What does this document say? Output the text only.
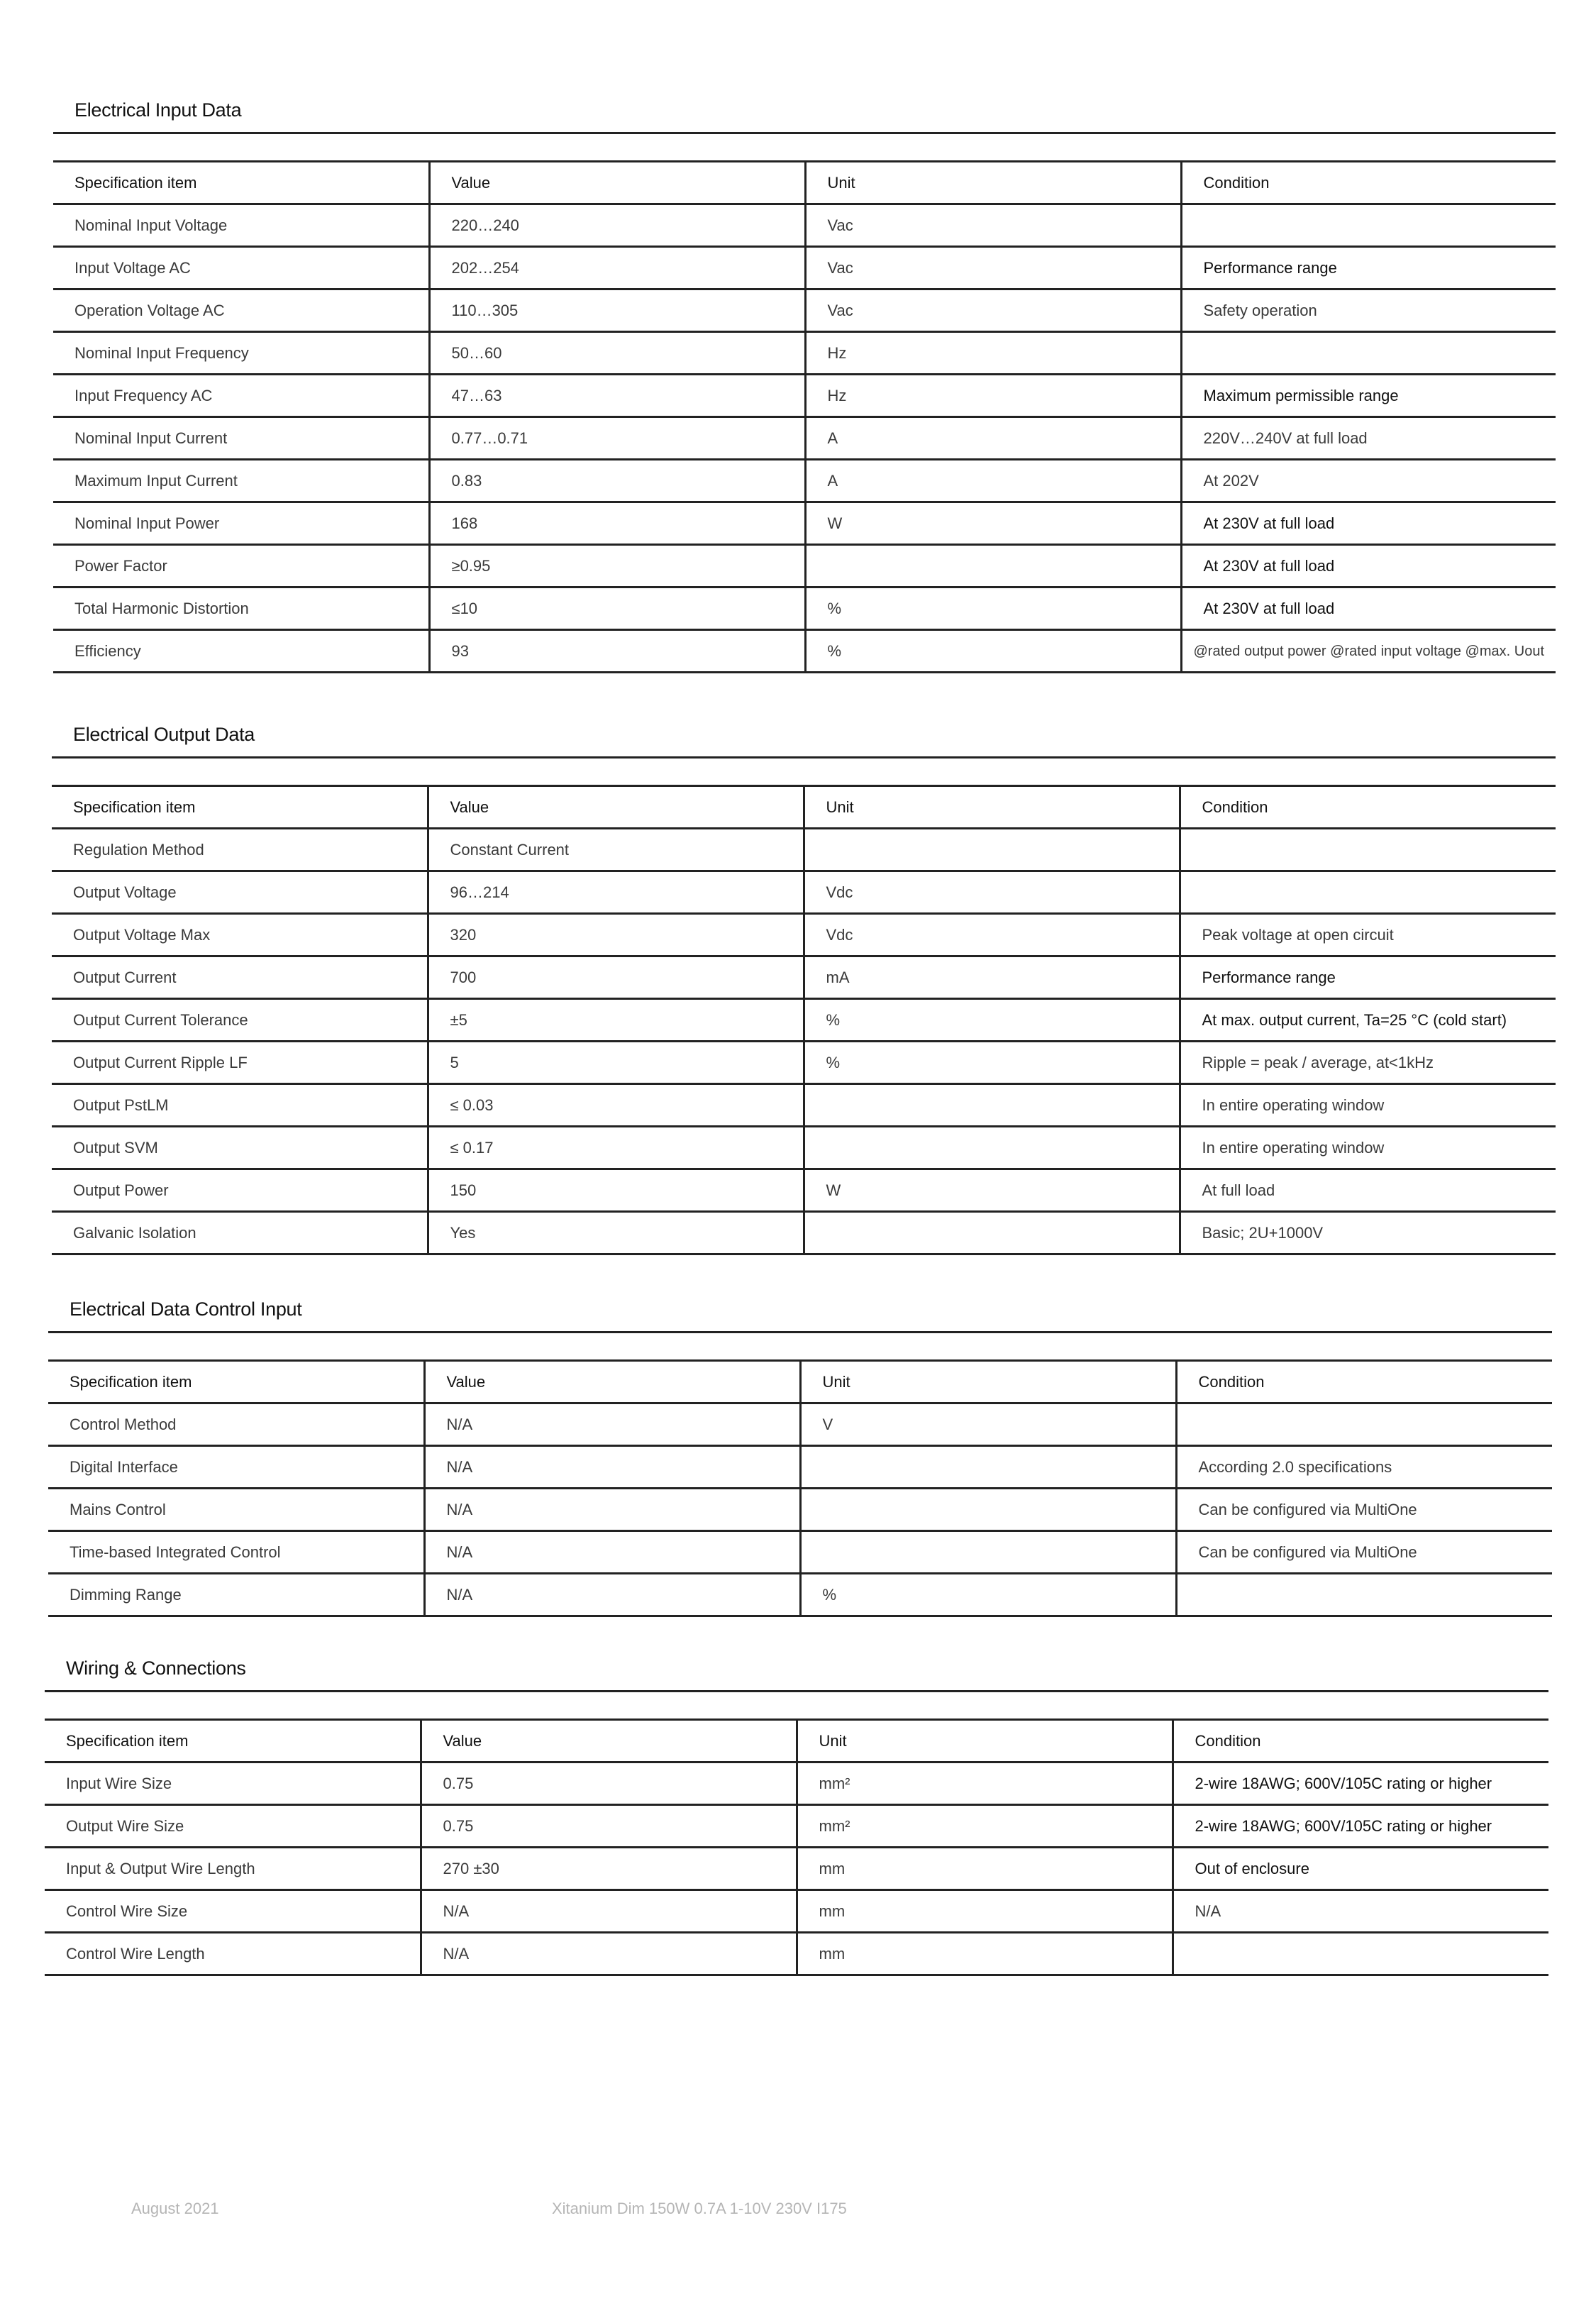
Electrical Input Data
Specification item	Value	Unit	Condition
Nominal Input Voltage	220…240	Vac	
Input Voltage AC	202…254	Vac	Performance range
Operation Voltage AC	110…305	Vac	Safety operation
Nominal Input Frequency	50…60	Hz	
Input Frequency AC	47…63	Hz	Maximum permissible range
Nominal Input Current	0.77…0.71	A	220V…240V at full load
Maximum Input Current	0.83	A	At 202V
Nominal Input Power	168	W	At 230V at full load
Power Factor	≥0.95		At 230V at full load
Total Harmonic Distortion	≤10	%	At 230V at full load
Efficiency	93	%	@rated output power @rated input voltage @max. Uout
Electrical Output Data
Specification item	Value	Unit	Condition
Regulation Method	Constant Current		
Output Voltage	96…214	Vdc	
Output Voltage Max	320	Vdc	Peak voltage at open circuit
Output Current	700	mA	Performance range
Output Current Tolerance	±5	%	At max. output current, Ta=25 °C (cold start)
Output Current Ripple LF	5	%	Ripple = peak / average, at<1kHz
Output PstLM	≤ 0.03		In entire operating window
Output SVM	≤ 0.17		In entire operating window
Output Power	150	W	At full load
Galvanic Isolation	Yes		Basic; 2U+1000V
Electrical Data Control Input
Specification item	Value	Unit	Condition
Control Method	N/A	V	
Digital Interface	N/A		According 2.0 specifications
Mains Control	N/A		Can be configured via MultiOne
Time-based Integrated Control	N/A		Can be configured via MultiOne
Dimming Range	N/A	%	
Wiring & Connections
Specification item	Value	Unit	Condition
Input Wire Size	0.75	mm²	2-wire 18AWG; 600V/105C rating or higher
Output Wire Size	0.75	mm²	2-wire 18AWG; 600V/105C rating or higher
Input & Output Wire Length	270 ±30	mm	Out of enclosure
Control Wire Size	N/A	mm	N/A
Control Wire Length	N/A	mm	
August 2021	Xitanium Dim 150W 0.7A 1-10V 230V I175
